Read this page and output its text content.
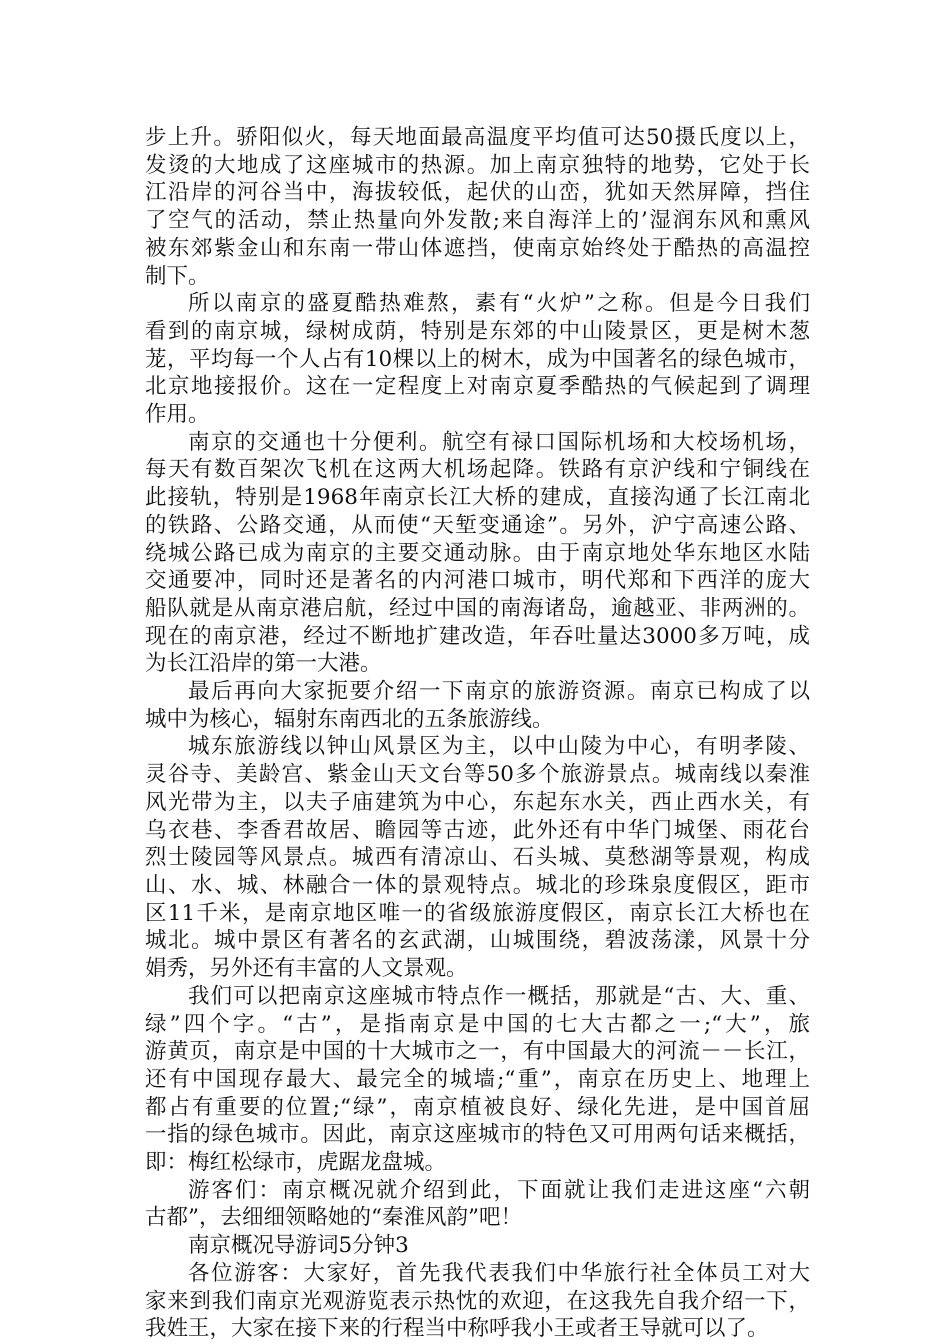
步上升。骄阳似火，每天地面最高温度平均值可达50摄氏度以上，
发烫的大地成了这座城市的热源。加上南京独特的地势，它处于长
江沿岸的河谷当中，海拔较低，起伏的山峦，犹如天然屏障，挡住
了空气的活动，禁止热量向外发散;来自海洋上的’湿润东风和熏风
被东郊紫金山和东南一带山体遮挡，使南京始终处于酷热的高温控
制下。
所以南京的盛夏酷热难熬，素有“火炉”之称。但是今日我们
看到的南京城，绿树成荫，特别是东郊的中山陵景区，更是树木葱
茏，平均每一个人占有10棵以上的树木，成为中国著名的绿色城市，
北京地接报价。这在一定程度上对南京夏季酷热的气候起到了调理
作用。
南京的交通也十分便利。航空有禄口国际机场和大校场机场，
每天有数百架次飞机在这两大机场起降。铁路有京沪线和宁铜线在
此接轨，特别是1968年南京长江大桥的建成，直接沟通了长江南北
的铁路、公路交通，从而使“天堑变通途”。另外，沪宁高速公路、
绕城公路已成为南京的主要交通动脉。由于南京地处华东地区水陆
交通要冲，同时还是著名的内河港口城市，明代郑和下西洋的庞大
船队就是从南京港启航，经过中国的南海诸岛，逾越亚、非两洲的。
现在的南京港，经过不断地扩建改造，年吞吐量达3000多万吨，成
为长江沿岸的第一大港。
最后再向大家扼要介绍一下南京的旅游资源。南京已构成了以
城中为核心，辐射东南西北的五条旅游线。
城东旅游线以钟山风景区为主，以中山陵为中心，有明孝陵、
灵谷寺、美龄宫、紫金山天文台等50多个旅游景点。城南线以秦淮
风光带为主，以夫子庙建筑为中心，东起东水关，西止西水关，有
乌衣巷、李香君故居、瞻园等古迹，此外还有中华门城堡、雨花台
烈士陵园等风景点。城西有清凉山、石头城、莫愁湖等景观，构成
山、水、城、林融合一体的景观特点。城北的珍珠泉度假区，距市
区11千米，是南京地区唯一的省级旅游度假区，南京长江大桥也在
城北。城中景区有著名的玄武湖，山城围绕，碧波荡漾，风景十分
娟秀，另外还有丰富的人文景观。
我们可以把南京这座城市特点作一概括，那就是“古、大、重、
绿”四个字。“古”，是指南京是中国的七大古都之一;“大”，旅
游黄页，南京是中国的十大城市之一，有中国最大的河流－－长江，
还有中国现存最大、最完全的城墙;“重”，南京在历史上、地理上
都占有重要的位置;“绿”，南京植被良好、绿化先进，是中国首屈
一指的绿色城市。因此，南京这座城市的特色又可用两句话来概括，
即：梅红松绿市，虎踞龙盘城。
游客们：南京概况就介绍到此，下面就让我们走进这座“六朝
古都”，去细细领略她的“秦淮风韵”吧！
南京概况导游词5分钟3
各位游客：大家好，首先我代表我们中华旅行社全体员工对大
家来到我们南京光观游览表示热忱的欢迎，在这我先自我介绍一下，
我姓王，大家在接下来的行程当中称呼我小王或者王导就可以了。
